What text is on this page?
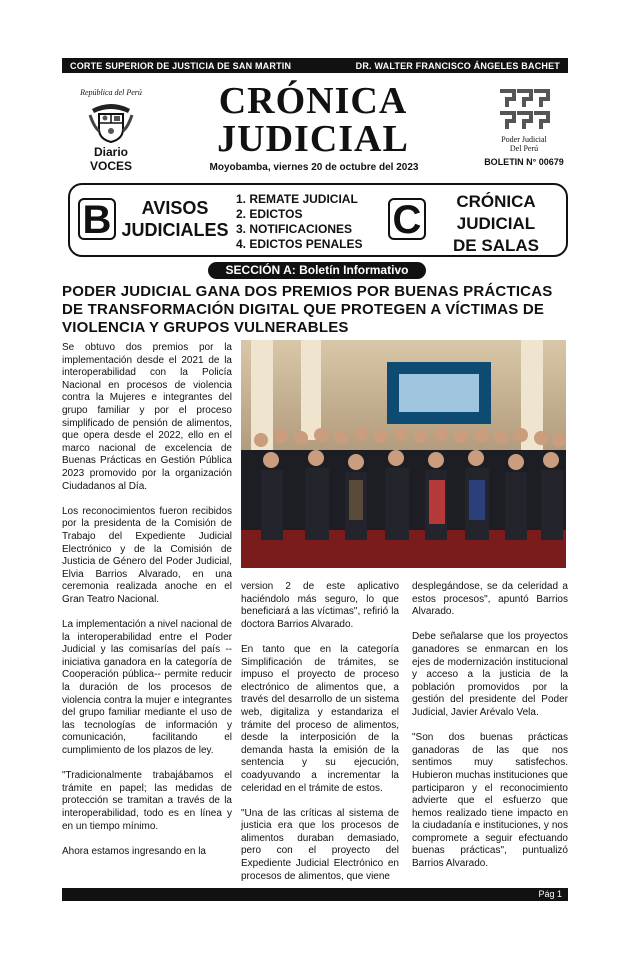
CORTE SUPERIOR DE JUSTICIA DE SAN MARTIN	DR. WALTER FRANCISCO ÁNGELES BACHET
República del Perú
Diario VOCES
CRÓNICA
JUDICIAL
Moyobamba, viernes 20 de octubre del 2023
Poder Judicial
Del Perú
BOLETIN N° 00679
B	AVISOS
JUDICIALES
1. REMATE JUDICIAL
2. EDICTOS
3. NOTIFICACIONES
4. EDICTOS PENALES
C	CRÓNICA
JUDICIAL
DE SALAS
SECCIÓN A: Boletín Informativo
PODER JUDICIAL GANA DOS PREMIOS POR BUENAS PRÁCTICAS DE TRANSFORMACIÓN DIGITAL QUE PROTEGEN A VÍCTIMAS DE VIOLENCIA Y GRUPOS VULNERABLES

Se obtuvo dos premios por la implementación desde el 2021 de la interoperabilidad con la Policía Nacional en procesos de violencia contra la Mujeres e integrantes del grupo familiar y por el proceso simplificado de pensión de alimentos, que opera desde el 2022, ello en el marco nacional de excelencia de Buenas Prácticas en Gestión Pública 2023 promovido por la organización Ciudadanos al Día.

Los reconocimientos fueron recibidos por la presidenta de la Comisión de Trabajo del Expediente Judicial Electrónico y de la Comisión de Justicia de Género del Poder Judicial, Elvia Barrios Alvarado, en una ceremonia realizada anoche en el Gran Teatro Nacional.

La implementación a nivel nacional de la interoperabilidad entre el Poder Judicial y las comisarías del país --iniciativa ganadora en la categoría de Cooperación pública-- permite reducir la duración de los procesos de violencia contra la mujer e integrantes del grupo familiar mediante el uso de las tecnologías de información y comunicación, facilitando el cumplimiento de los plazos de ley.

"Tradicionalmente trabajábamos el trámite en papel; las medidas de protección se tramitan a través de la interoperabilidad, todo es en línea y en un tiempo mínimo.

Ahora estamos ingresando en la

version 2 de este aplicativo haciéndolo más seguro, lo que beneficiará a las víctimas", refirió la doctora Barrios Alvarado.

En tanto que en la categoría Simplificación de trámites, se impuso el proyecto de proceso electrónico de alimentos que, a través del desarrollo de un sistema web, digitaliza y estandariza el trámite del proceso de alimentos, desde la interposición de la demanda hasta la emisión de la sentencia y su ejecución, coadyuvando a incrementar la celeridad en el trámite de estos.

"Una de las críticas al sistema de justicia era que los procesos de alimentos duraban demasiado, pero con el proyecto del Expediente Judicial Electrónico en procesos de alimentos, que viene

desplegándose, se da celeridad a estos procesos", apuntó Barrios Alvarado.

Debe señalarse que los proyectos ganadores se enmarcan en los ejes de modernización institucional y acceso a la justicia de la población promovidos por la gestión del presidente del Poder Judicial, Javier Arévalo Vela.

"Son dos buenas prácticas ganadoras de las que nos sentimos muy satisfechos. Hubieron muchas instituciones que participaron y el reconocimiento advierte que el esfuerzo que hemos realizado tiene impacto en la ciudadanía e instituciones, y nos compromete a seguir efectuando buenas prácticas", puntualizó Barrios Alvarado.

Pág 1
